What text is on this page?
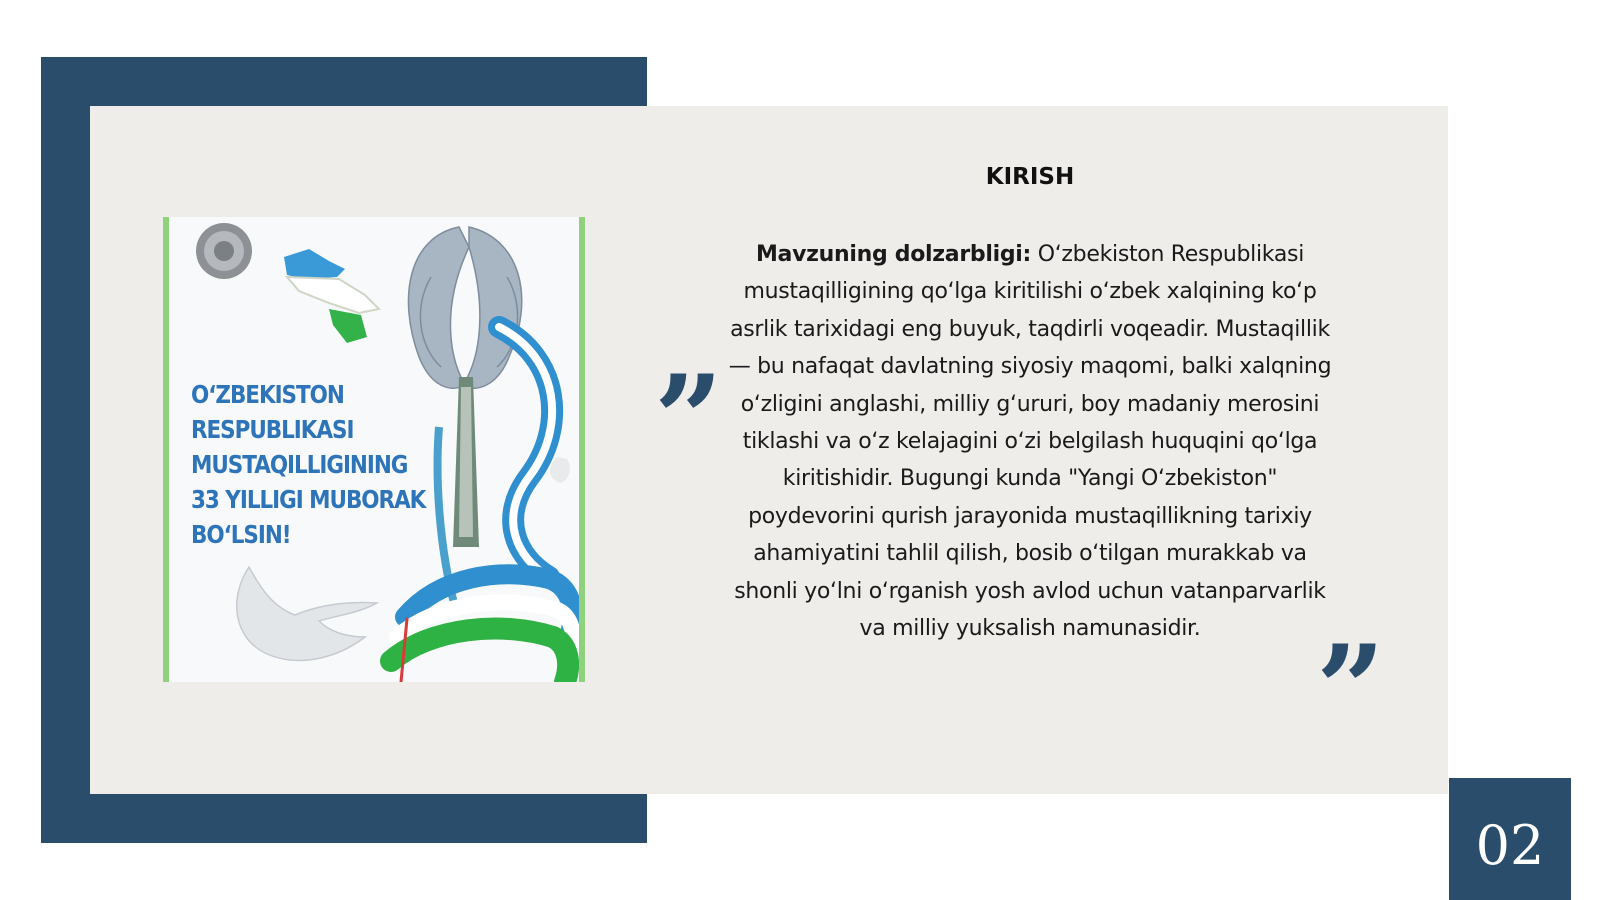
O‘ZBEKISTON
RESPUBLIKASI
MUSTAQILLIGINING
33 YILLIGI MUBORAK
BO‘LSIN!
”
”
KIRISH
Mavzuning dolzarbligi: O‘zbekiston Respublikasi mustaqilligining qo‘lga kiritilishi o‘zbek xalqining ko‘p asrlik tarixidagi eng buyuk, taqdirli voqeadir. Mustaqillik — bu nafaqat davlatning siyosiy maqomi, balki xalqning o‘zligini anglashi, milliy g‘ururi, boy madaniy merosini tiklashi va o‘z kelajagini o‘zi belgilash huquqini qo‘lga kiritishidir. Bugungi kunda "Yangi O‘zbekiston" poydevorini qurish jarayonida mustaqillikning tarixiy ahamiyatini tahlil qilish, bosib o‘tilgan murakkab va shonli yo‘lni o‘rganish yosh avlod uchun vatanparvarlik va milliy yuksalish namunasidir.
02
